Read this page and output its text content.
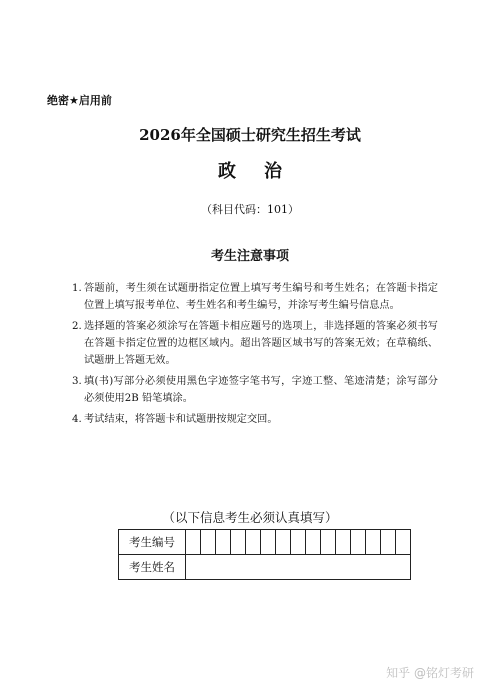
绝密★启用前
2026年全国硕士研究生招生考试
政治
（科目代码：101）
考生注意事项
1. 答题前，考生须在试题册指定位置上填写考生编号和考生姓名；在答题卡指定位置上填写报考单位、考生姓名和考生编号，并涂写考生编号信息点。
2. 选择题的答案必须涂写在答题卡相应题号的选项上，非选择题的答案必须书写在答题卡指定位置的边框区域内。超出答题区域书写的答案无效；在草稿纸、试题册上答题无效。
3. 填(书)写部分必须使用黑色字迹签字笔书写，字迹工整、笔迹清楚；涂写部分必须使用2B 铅笔填涂。
4. 考试结束，将答题卡和试题册按规定交回。
（以下信息考生必须认真填写）
考生编号															
考生姓名															
知乎 @铭灯考研
